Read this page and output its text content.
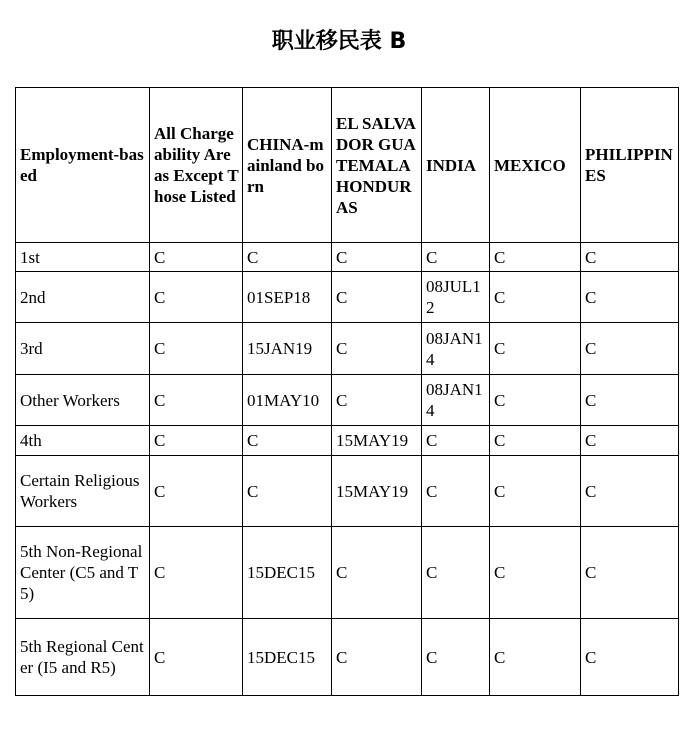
职业移民表 B
Employment-based	All Chargeability Areas Except Those Listed	CHINA-mainland born	EL SALVADOR GUATEMALA HONDURAS	INDIA	MEXICO	PHILIPPINES
1st	C	C	C	C	C	C
2nd	C	01SEP18	C	08JUL12	C	C
3rd	C	15JAN19	C	08JAN14	C	C
Other Workers	C	01MAY10	C	08JAN14	C	C
4th	C	C	15MAY19	C	C	C
Certain Religious Workers	C	C	15MAY19	C	C	C
5th Non-Regional Center (C5 and T5)	C	15DEC15	C	C	C	C
5th Regional Center (I5 and R5)	C	15DEC15	C	C	C	C
